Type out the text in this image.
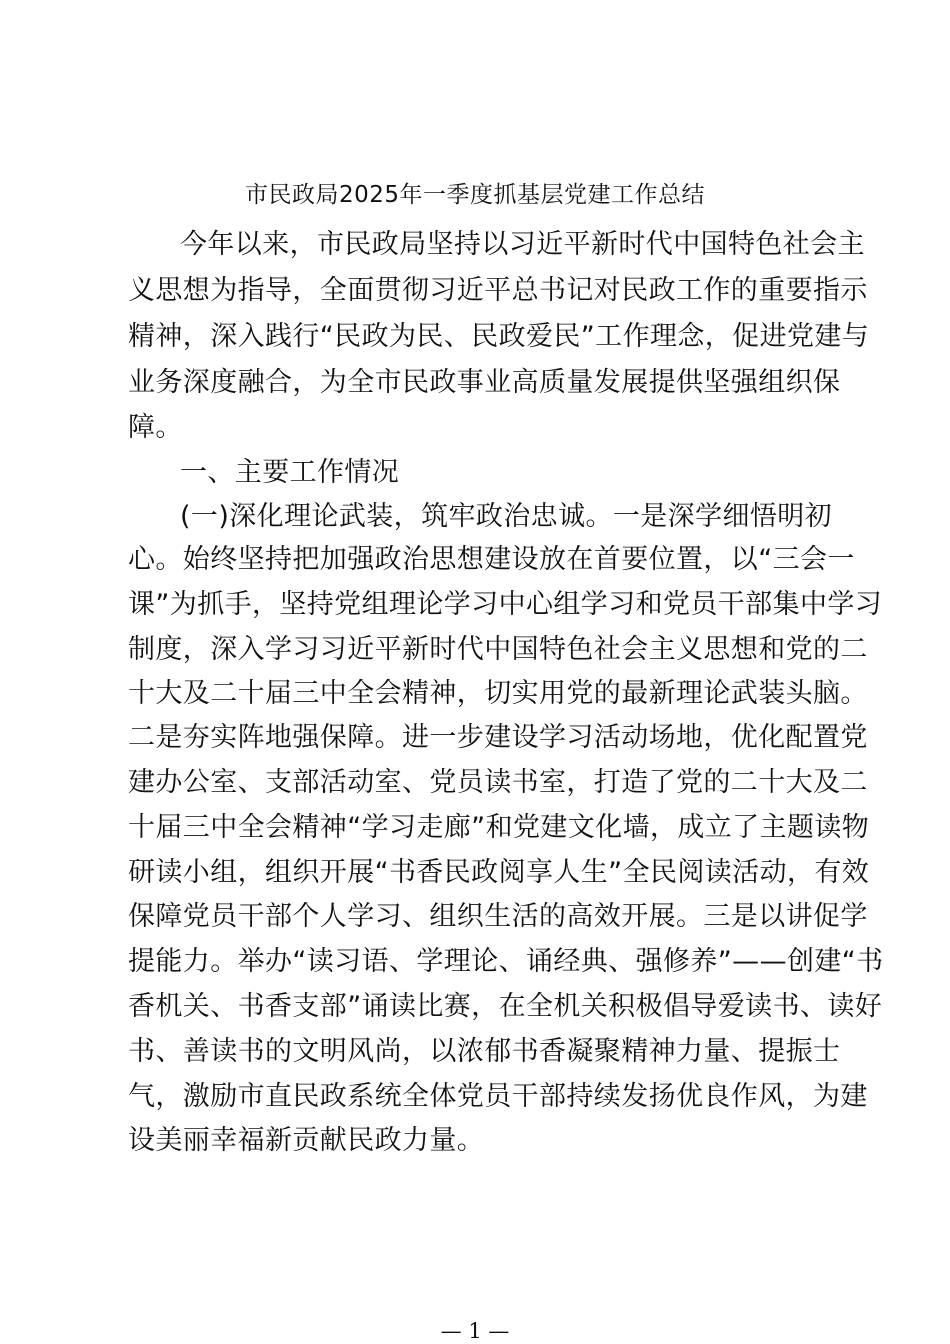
市民政局2025年一季度抓基层党建工作总结
今年以来，市民政局坚持以习近平新时代中国特色社会主
义思想为指导，全面贯彻习近平总书记对民政工作的重要指示
精神，深入践行“民政为民、民政爱民”工作理念，促进党建与
业务深度融合，为全市民政事业高质量发展提供坚强组织保
障。
一、主要工作情况
(一)深化理论武装，筑牢政治忠诚。一是深学细悟明初
心。始终坚持把加强政治思想建设放在首要位置，以“三会一
课”为抓手，坚持党组理论学习中心组学习和党员干部集中学习
制度，深入学习习近平新时代中国特色社会主义思想和党的二
十大及二十届三中全会精神，切实用党的最新理论武装头脑。
二是夯实阵地强保障。进一步建设学习活动场地，优化配置党
建办公室、支部活动室、党员读书室，打造了党的二十大及二
十届三中全会精神“学习走廊”和党建文化墙，成立了主题读物
研读小组，组织开展“书香民政阅享人生”全民阅读活动，有效
保障党员干部个人学习、组织生活的高效开展。三是以讲促学
提能力。举办“读习语、学理论、诵经典、强修养”——创建“书
香机关、书香支部”诵读比赛，在全机关积极倡导爱读书、读好
书、善读书的文明风尚，以浓郁书香凝聚精神力量、提振士
气，激励市直民政系统全体党员干部持续发扬优良作风，为建
设美丽幸福新贡献民政力量。
— 1 —
